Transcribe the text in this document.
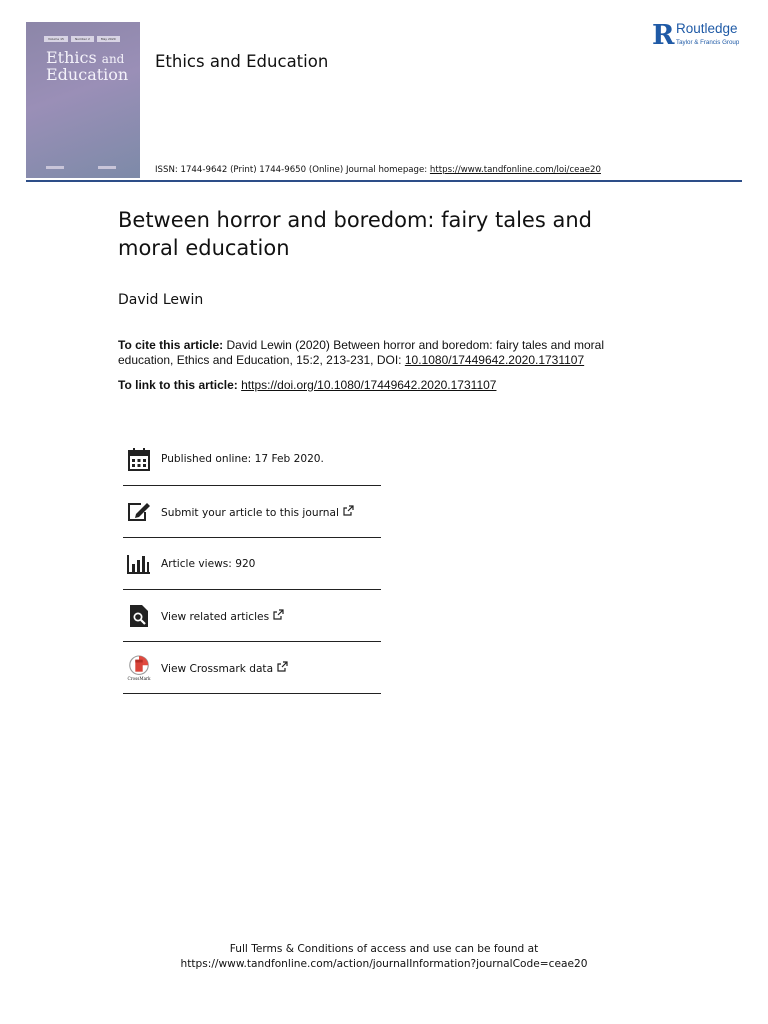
Volume 15	Number 2	May 2020
Ethics and
Education
Ethics and Education
ISSN: 1744-9642 (Print) 1744-9650 (Online) Journal homepage: https://www.tandfonline.com/loi/ceae20
R Routledge
Taylor & Francis Group
Between horror and boredom: fairy tales and moral education
David Lewin
To cite this article: David Lewin (2020) Between horror and boredom: fairy tales and moral education, Ethics and Education, 15:2, 213-231, DOI: 10.1080/17449642.2020.1731107
To link to this article: https://doi.org/10.1080/17449642.2020.1731107
Published online: 17 Feb 2020.
Submit your article to this journal
Article views: 920
View related articles
CrossMark
View Crossmark data
Full Terms & Conditions of access and use can be found at
https://www.tandfonline.com/action/journalInformation?journalCode=ceae20
